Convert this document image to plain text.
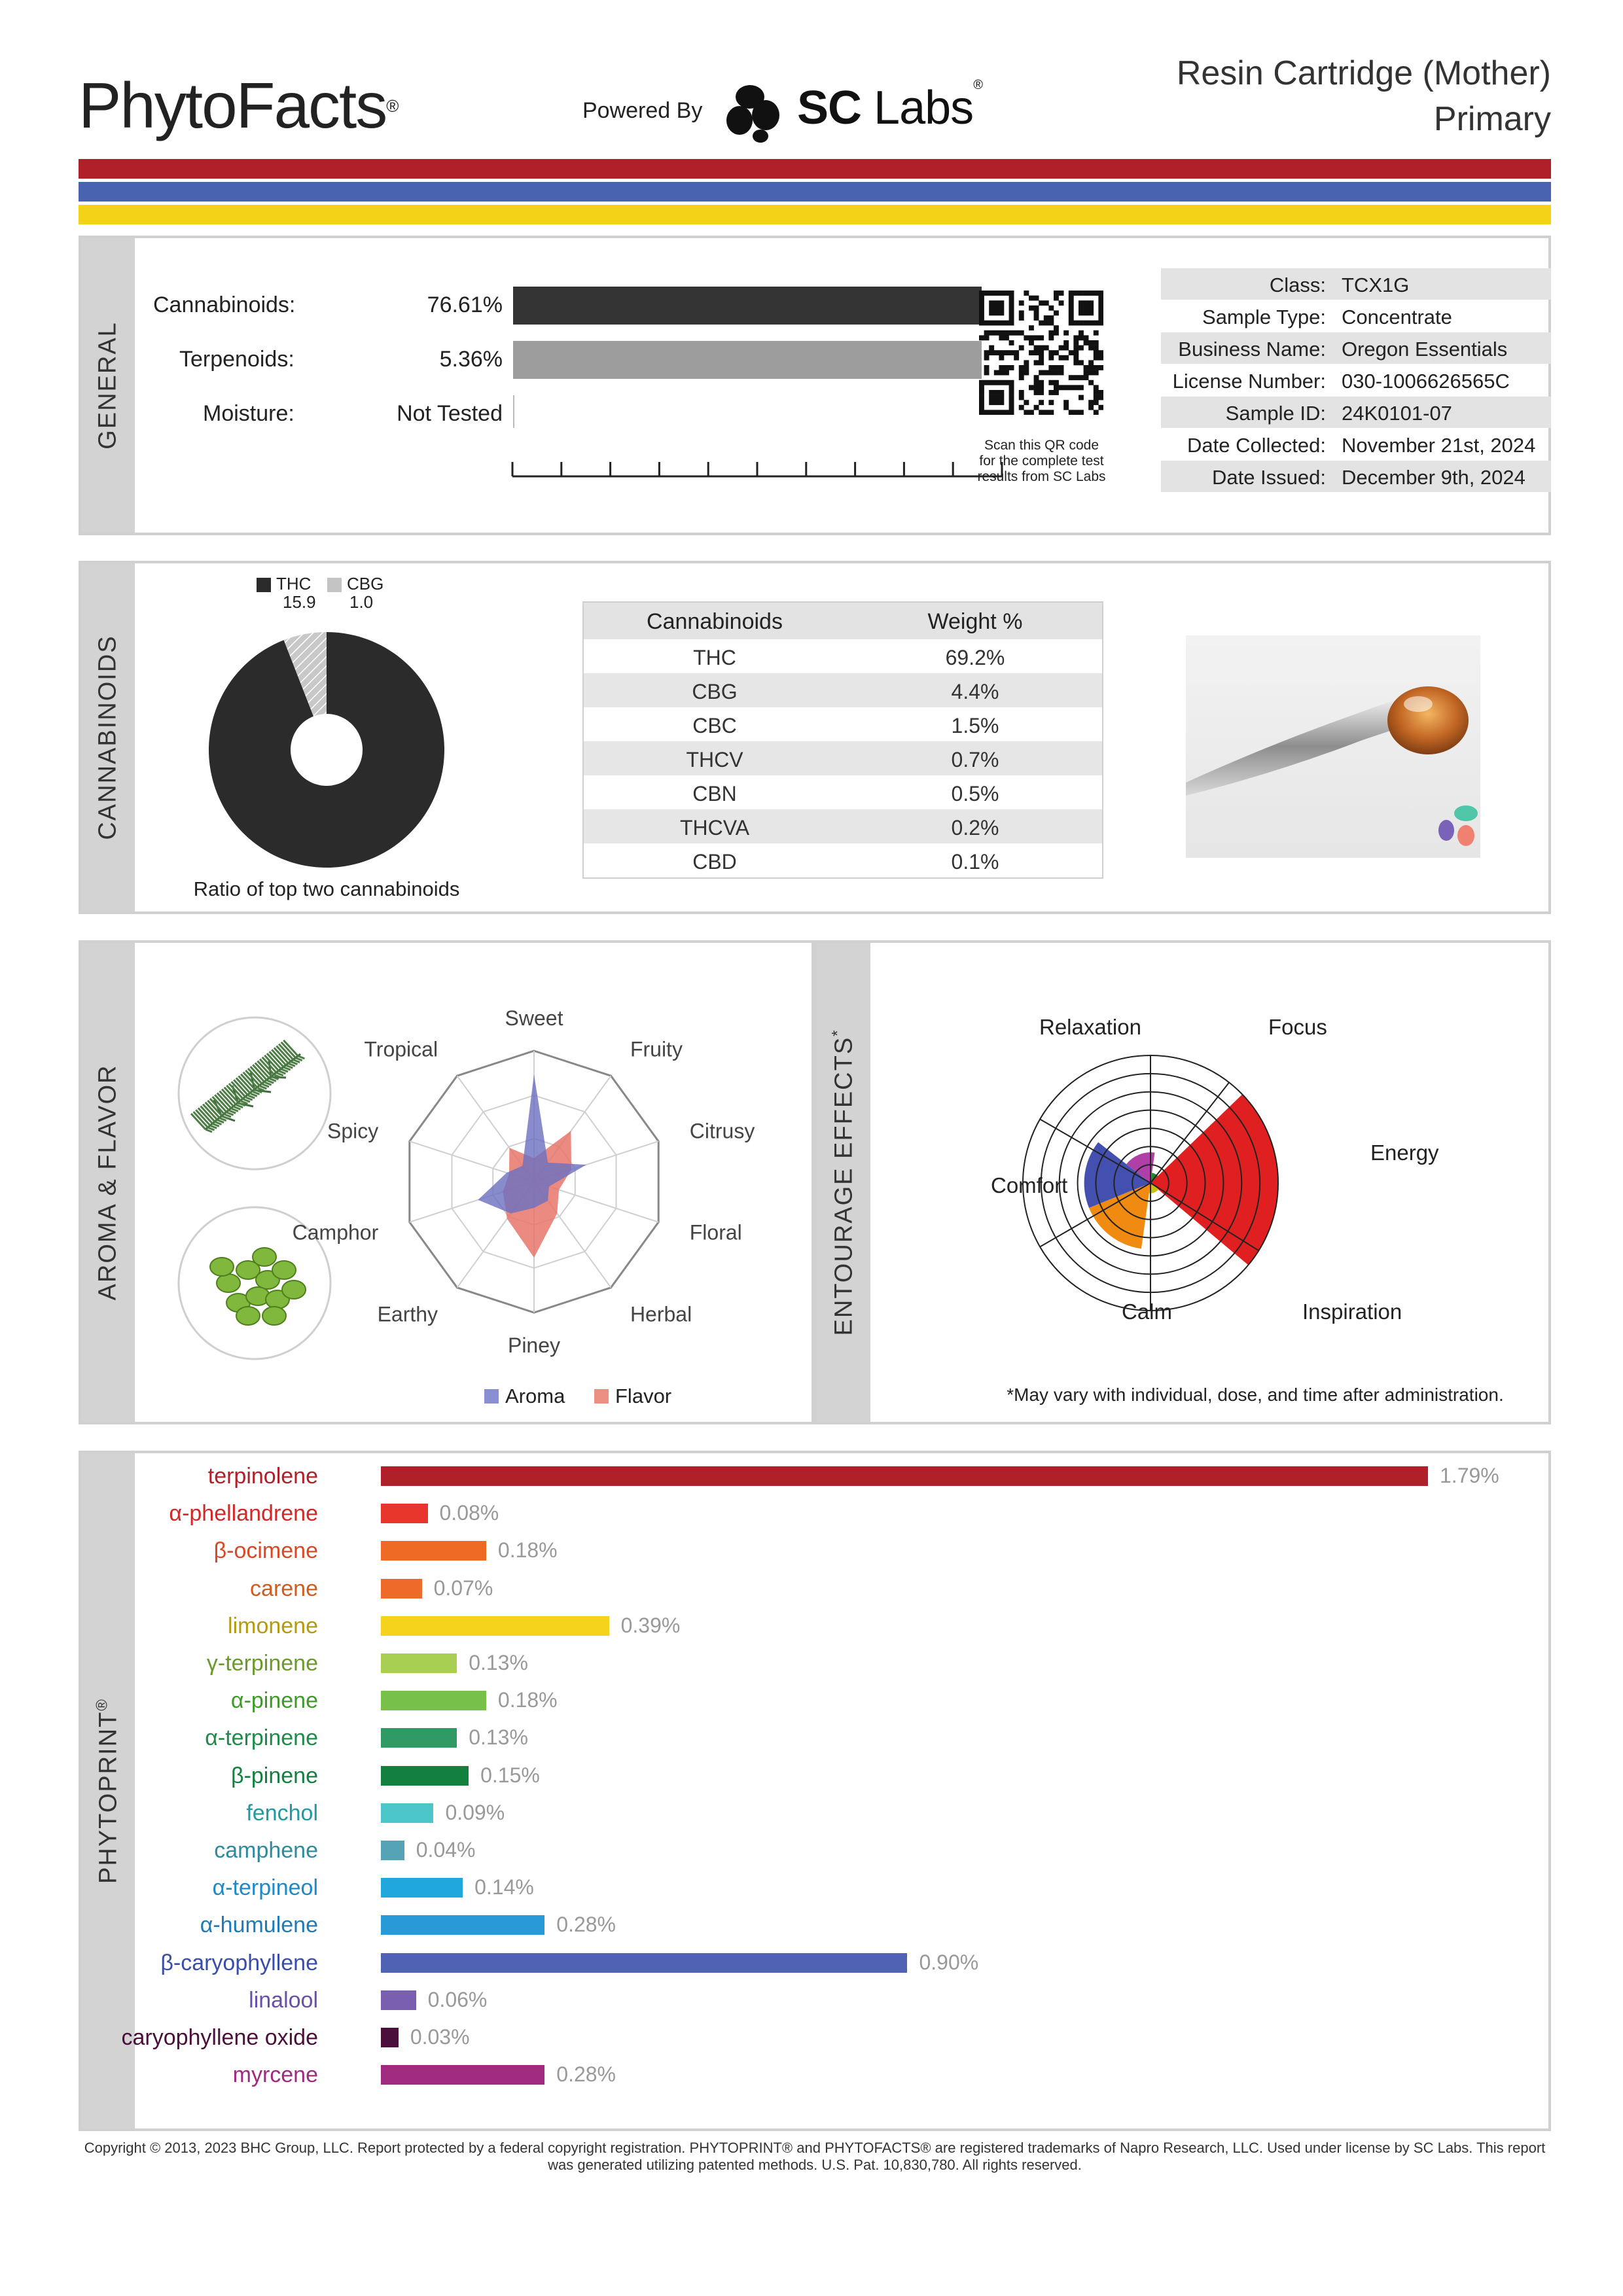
PhytoFacts®	Powered By SC Labs®	Resin Cartridge (Mother)
Primary
GENERAL
Cannabinoids:	76.61%
Terpenoids:	5.36%
Moisture:	Not Tested
Scan this QR code
for the complete test
results from SC Labs
Class: TCX1G
Sample Type: Concentrate
Business Name: Oregon Essentials
License Number: 030-1006626565C
Sample ID: 24K0101-07
Date Collected: November 21st, 2024
Date Issued: December 9th, 2024
CANNABINOIDS
THC
15.9
CBG
1.0
Ratio of top two cannabinoids
Cannabinoids	Weight %
THC	69.2%
CBG	4.4%
CBC	1.5%
THCV	0.7%
CBN	0.5%
THCVA	0.2%
CBD	0.1%
AROMA & FLAVOR
Sweet
Fruity
Citrusy
Floral
Herbal
Piney
Earthy
Camphor
Spicy
Tropical
Aroma Flavor
ENTOURAGE EFFECTS*	Relaxation	Focus
Energy
Inspiration
Calm
Comfort
*May vary with individual, dose, and time after administration.
PHYTOPRINT®
terpinolene	1.79%
α-phellandrene	0.08%
β-ocimene	0.18%
carene	0.07%
limonene	0.39%
γ-terpinene	0.13%
α-pinene	0.18%
α-terpinene	0.13%
β-pinene	0.15%
fenchol	0.09%
camphene	0.04%
α-terpineol	0.14%
α-humulene	0.28%
β-caryophyllene	0.90%
linalool	0.06%
caryophyllene oxide	0.03%
myrcene	0.28%
Copyright © 2013, 2023 BHC Group, LLC. Report protected by a federal copyright registration. PHYTOPRINT® and PHYTOFACTS® are registered trademarks of Napro Research, LLC. Used under license by SC Labs. This report
was generated utilizing patented methods. U.S. Pat. 10,830,780. All rights reserved.
